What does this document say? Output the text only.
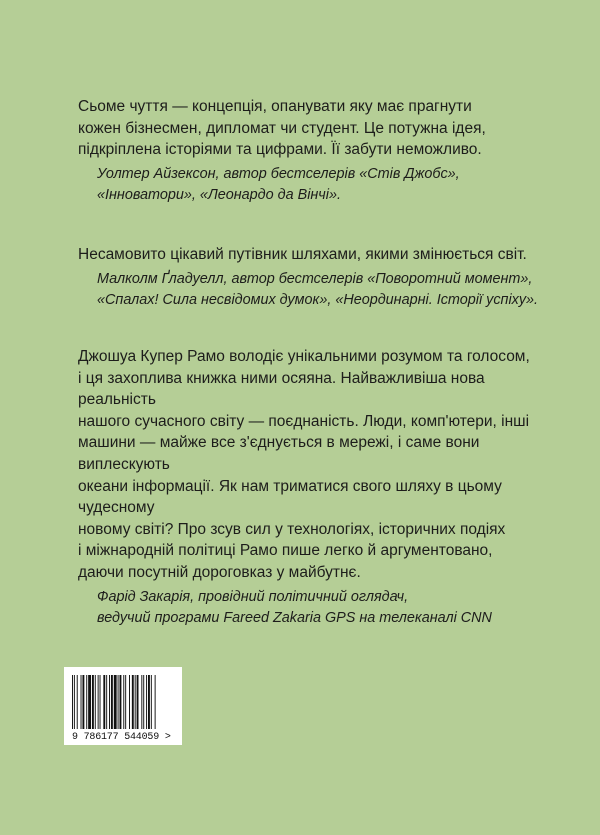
Сьоме чуття — концепція, опанувати яку має прагнути
кожен бізнесмен, дипломат чи студент. Це потужна ідея,
підкріплена історіями та цифрами. Її забути неможливо.

Уолтер Айзексон, автор бестселерів «Стів Джобс»,
«Інноватори», «Леонардо да Вінчі».

Несамовито цікавий путівник шляхами, якими змінюється світ.

Малколм Ґладуелл, автор бестселерів «Поворотний момент»,
«Спалах! Сила несвідомих думок», «Неординарні. Історії успіху».

Джошуа Купер Рамо володіє унікальними розумом та голосом,
і ця захоплива книжка ними осяяна. Найважливіша нова реальність
нашого сучасного світу — поєднаність. Люди, комп'ютери, інші
машини — майже все з'єднується в мережі, і саме вони виплескують
океани інформації. Як нам триматися свого шляху в цьому чудесному
новому світі? Про зсув сил у технологіях, історичних подіях
і міжнародній політиці Рамо пише легко й аргументовано,
даючи посутній дороговказ у майбутнє.

Фарід Закарія, провідний політичний оглядач,
ведучий програми Fareed Zakaria GPS на телеканалі CNN

9 786177 544059 >
